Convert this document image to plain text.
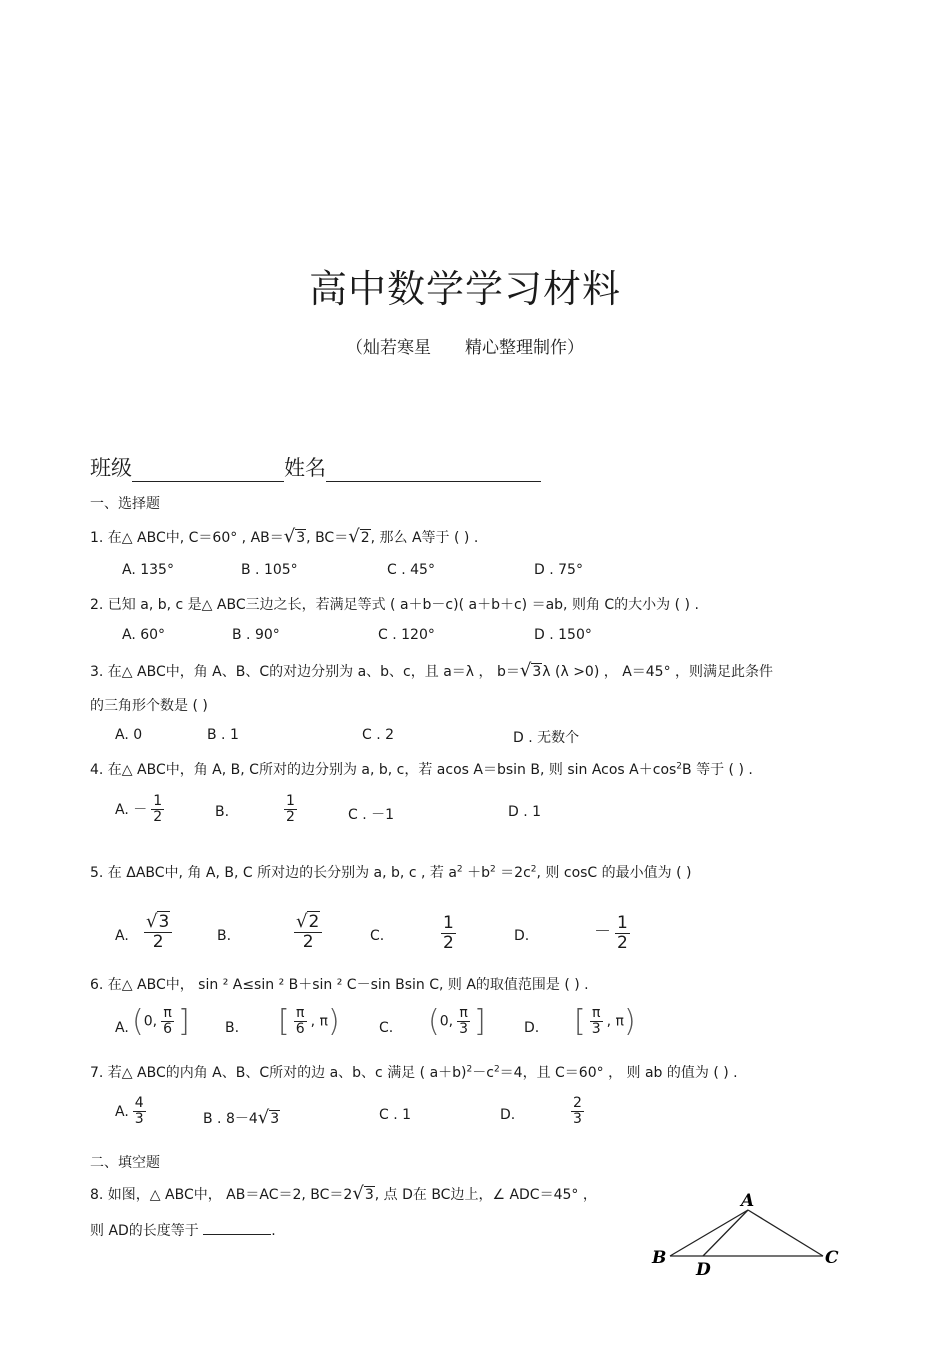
高中数学学习材料
（灿若寒星　　精心整理制作）
班级	姓名
一、选择题
1. 在△ ABC中, C＝60° , AB＝√3, BC＝√2, 那么 A等于 ( ) .
A. 135°	B . 105°	C . 45°	D . 75°
2. 已知 a, b, c 是△ ABC三边之长，若满足等式 ( a＋b－c)( a＋b＋c) ＝ab, 则角 C的大小为 ( ) .
A. 60°	B . 90°	C . 120°	D . 150°
3. 在△ ABC中，角 A、B、C的对边分别为 a、b、c，且 a＝λ ， b＝√3λ (λ >0) ， A＝45° ，则满足此条件
的三角形个数是 ( )
A. 0	B . 1	C . 2	D . 无数个
4. 在△ ABC中，角 A, B, C所对的边分别为 a, b, c，若 acos A＝bsin B, 则 sin Acos $A+\cos^2B$ 等于 ( ) .
A. － $\frac{1}{2}$	B.	$\frac{1}{2}$	C . －1	D . 1
5. 在 ΔABC中, 角 A, B, C 所对边的长分别为 a, b, c , 若 $a^2 +b^2 =2c^2$, 则 cosC 的最小值为 ( )
A. $\frac{√3}{2}$	B.	$\frac{√2}{2}$	C.	$\frac{1}{2}$	D.	－ $\frac{1}{2}$
6. 在△ ABC中， sin ² A≤sin ² B＋sin ² C－sin Bsin C, 则 A的取值范围是 ( ) .
A. (0, $\frac{\pi}{6}$ ]	B. [ $\frac{\pi}{6}$ , π)	C. (0, $\frac{\pi}{3}$ ]	D. [ $\frac{\pi}{3}$ , π)
7. 若△ ABC的内角 A、B、C所对的边 a、b、c 满足 ( $a+b)^2-c^2=4$，且 C＝60° ， 则 ab 的值为 ( ) .
A. $\frac{4}{3}$	B . 8－4√3	C . 1	D.	$\frac{2}{3}$
二、填空题
8. 如图，△ ABC中， AB＝AC＝2, BC＝2√3, 点 D在 BC边上，∠ ADC＝45° ，
则 AD的长度等于	.
A
B	C
D
